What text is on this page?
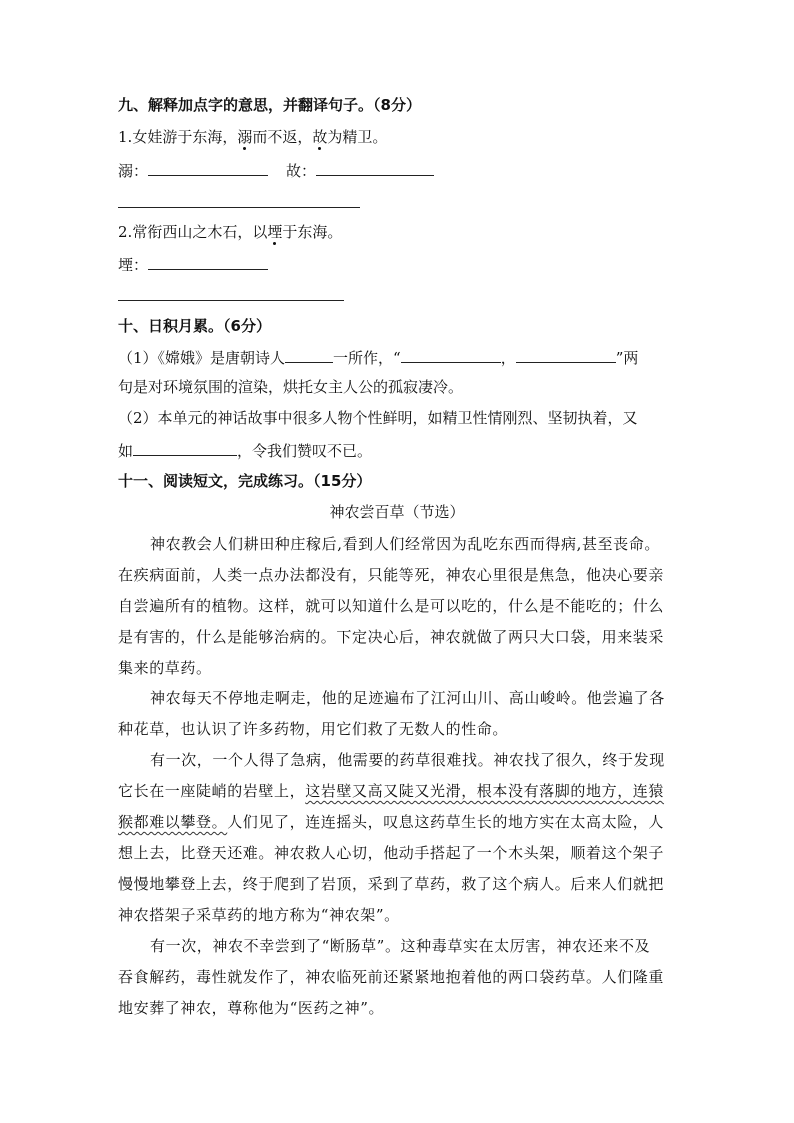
九、解释加点字的意思，并翻译句子。（8分）
1.女娃游于东海，溺而不返，故为精卫。
溺：	故：
2.常衔西山之木石，以堙于东海。
堙：
十、日积月累。（6分）
（1）《嫦娥》是唐朝诗人	一所作，“	，	”两
句是对环境氛围的渲染，烘托女主人公的孤寂凄冷。
（2）本单元的神话故事中很多人物个性鲜明，如精卫性情刚烈、坚韧执着，又
如	，令我们赞叹不已。
十一、阅读短文，完成练习。（15分）
神农尝百草（节选）
神农教会人们耕田种庄稼后,看到人们经常因为乱吃东西而得病,甚至丧命。
在疾病面前，人类一点办法都没有，只能等死，神农心里很是焦急，他决心要亲
自尝遍所有的植物。这样，就可以知道什么是可以吃的，什么是不能吃的；什么
是有害的，什么是能够治病的。下定决心后，神农就做了两只大口袋，用来装采
集来的草药。
神农每天不停地走啊走，他的足迹遍布了江河山川、高山峻岭。他尝遍了各
种花草，也认识了许多药物，用它们救了无数人的性命。
有一次，一个人得了急病，他需要的药草很难找。神农找了很久，终于发现
它长在一座陡峭的岩壁上，这岩壁又高又陡又光滑，根本没有落脚的地方，连猿
猴都难以攀登。人们见了，连连摇头，叹息这药草生长的地方实在太高太险，人
想上去，比登天还难。神农救人心切，他动手搭起了一个木头架，顺着这个架子
慢慢地攀登上去，终于爬到了岩顶，采到了草药，救了这个病人。后来人们就把
神农搭架子采草药的地方称为“神农架”。
有一次，神农不幸尝到了“断肠草”。这种毒草实在太厉害，神农还来不及
吞食解药，毒性就发作了，神农临死前还紧紧地抱着他的两口袋药草。人们隆重
地安葬了神农，尊称他为“医药之神”。
